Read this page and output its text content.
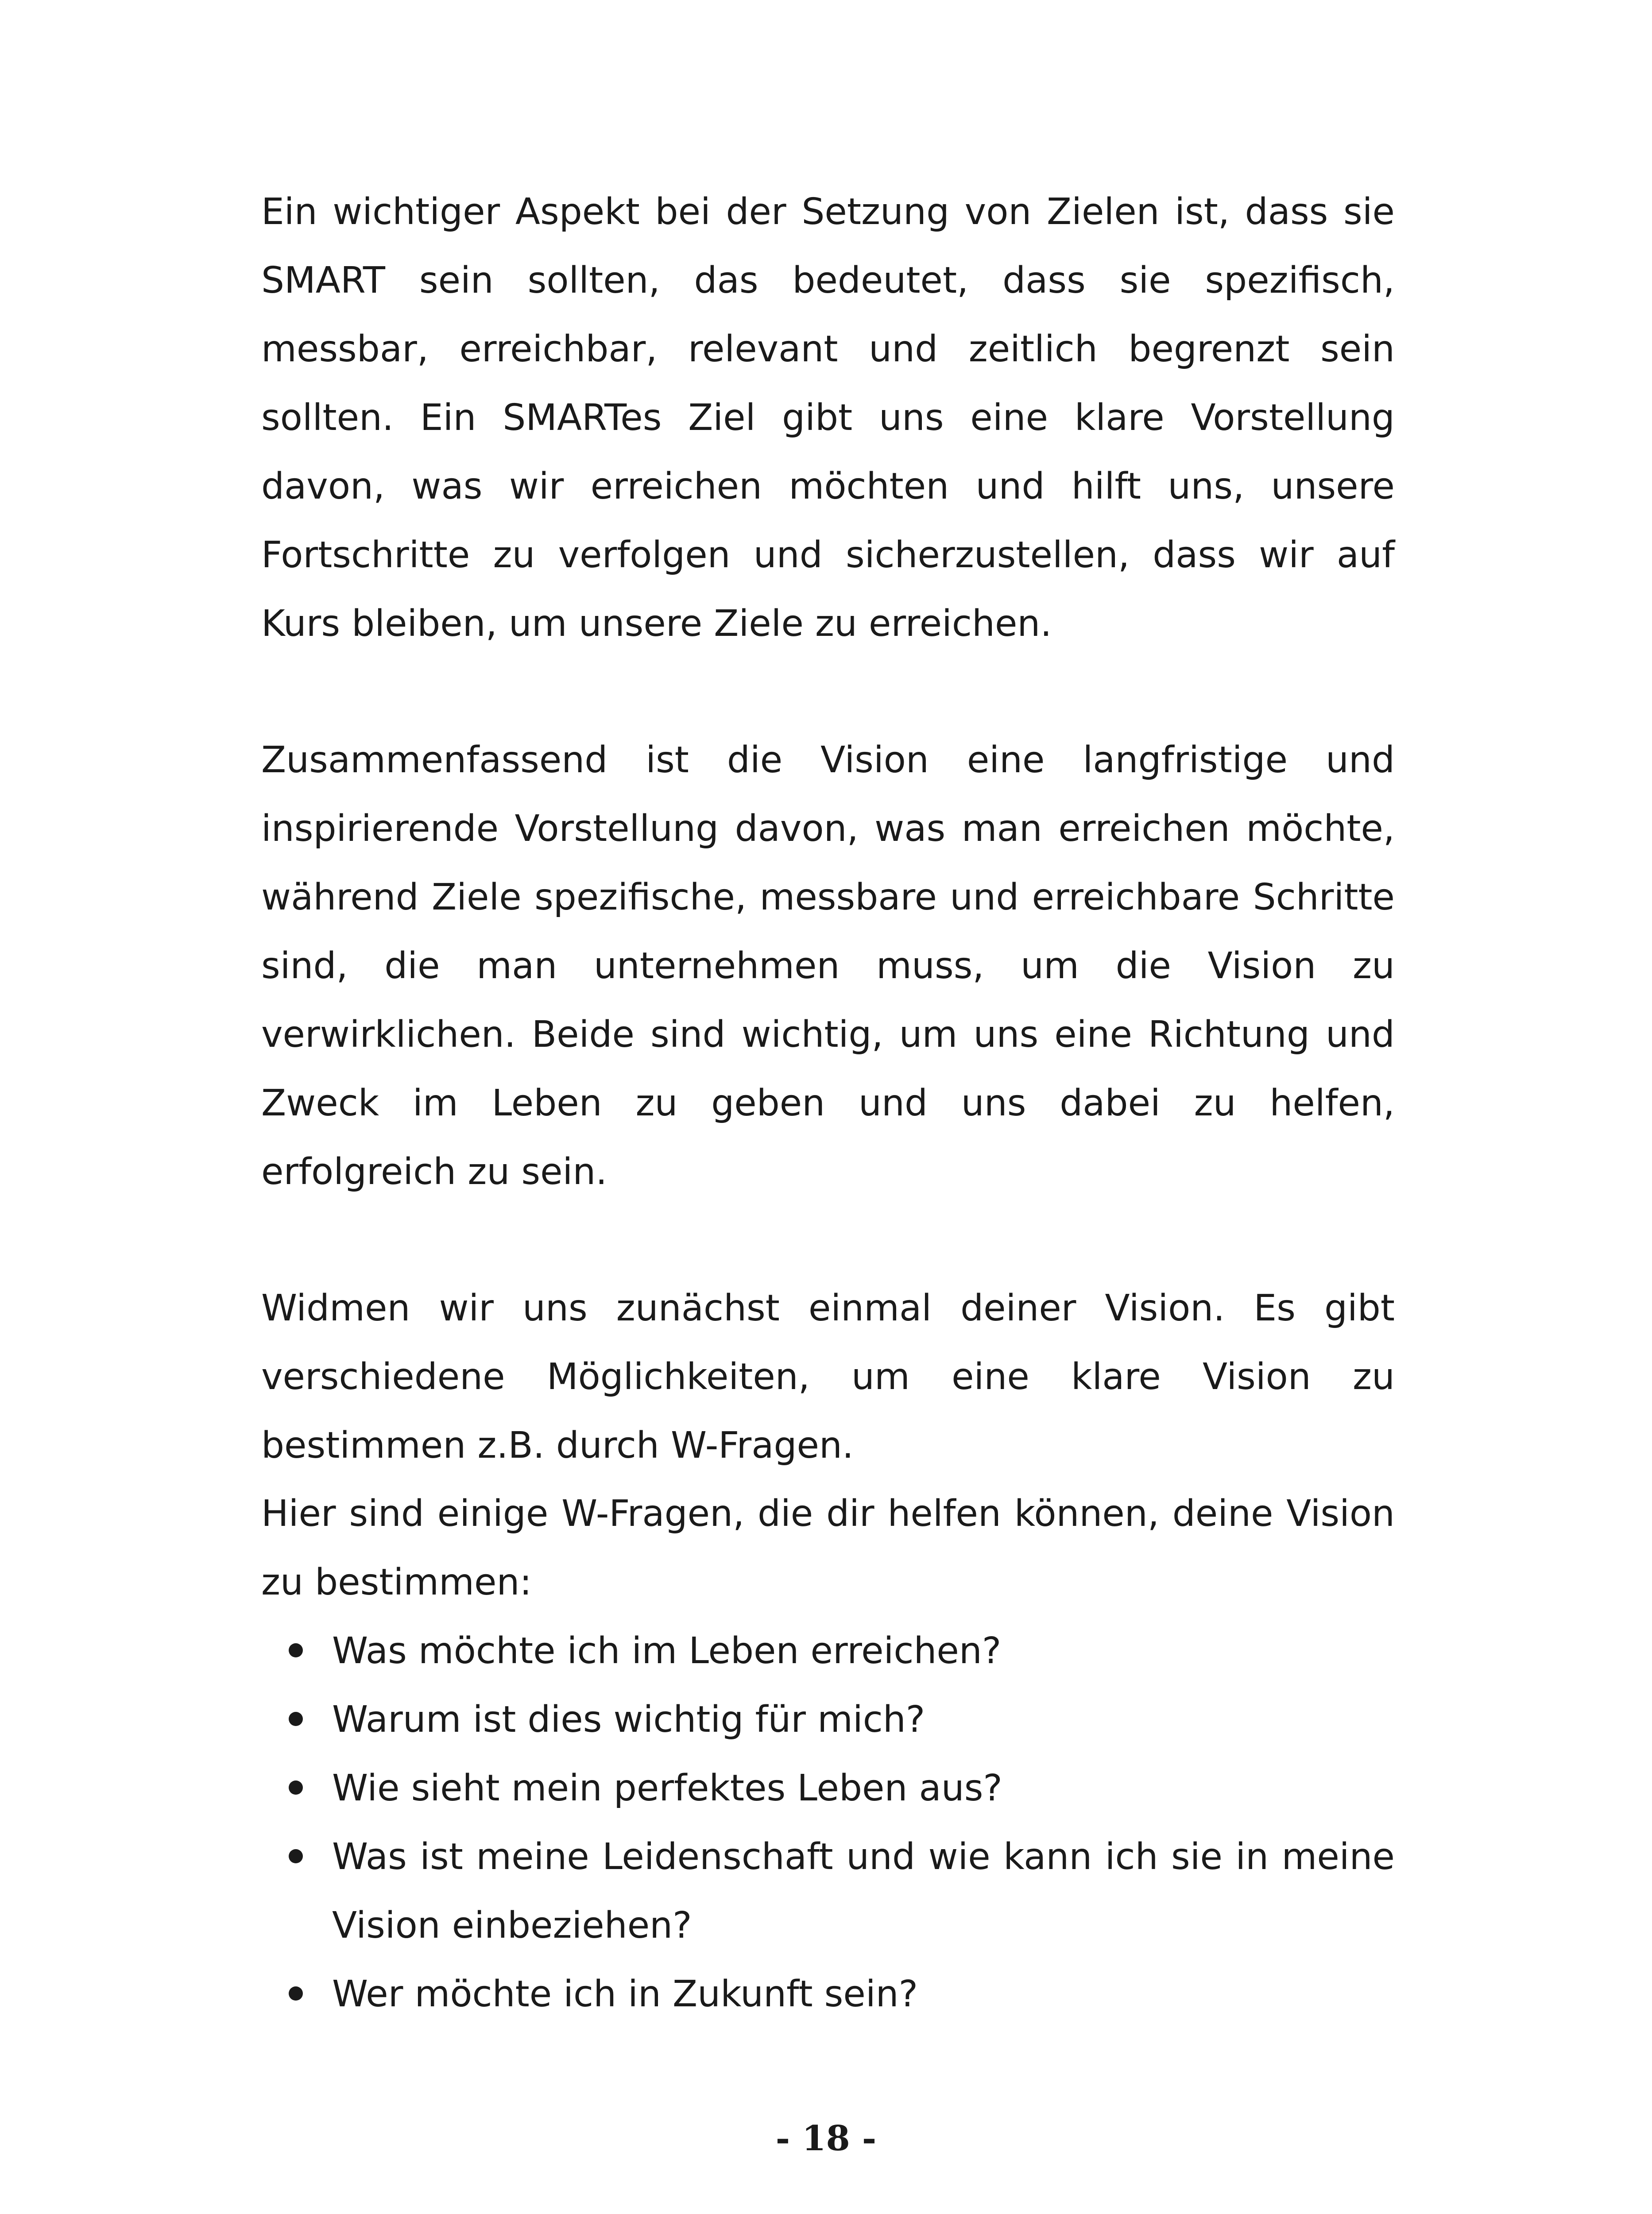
Ein wichtiger Aspekt bei der Setzung von Zielen ist, dass sie SMART sein sollten, das bedeutet, dass sie spezifisch, messbar, erreichbar, relevant und zeitlich begrenzt sein sollten. Ein SMARTes Ziel gibt uns eine klare Vorstellung davon, was wir erreichen möchten und hilft uns, unsere Fortschritte zu verfolgen und sicherzustellen, dass wir auf Kurs bleiben, um unsere Ziele zu erreichen.

Zusammenfassend ist die Vision eine langfristige und inspirierende Vorstellung davon, was man erreichen möchte, während Ziele spezifische, messbare und erreichbare Schritte sind, die man unternehmen muss, um die Vision zu verwirklichen. Beide sind wichtig, um uns eine Richtung und Zweck im Leben zu geben und uns dabei zu helfen, erfolgreich zu sein.

Widmen wir uns zunächst einmal deiner Vision. Es gibt verschiedene Möglichkeiten, um eine klare Vision zu bestimmen z.B. durch W-Fragen.

Hier sind einige W-Fragen, die dir helfen können, deine Vision zu bestimmen:

Was möchte ich im Leben erreichen?
Warum ist dies wichtig für mich?
Wie sieht mein perfektes Leben aus?
Was ist meine Leidenschaft und wie kann ich sie in meine Vision einbeziehen?
Wer möchte ich in Zukunft sein?
- 18 -
